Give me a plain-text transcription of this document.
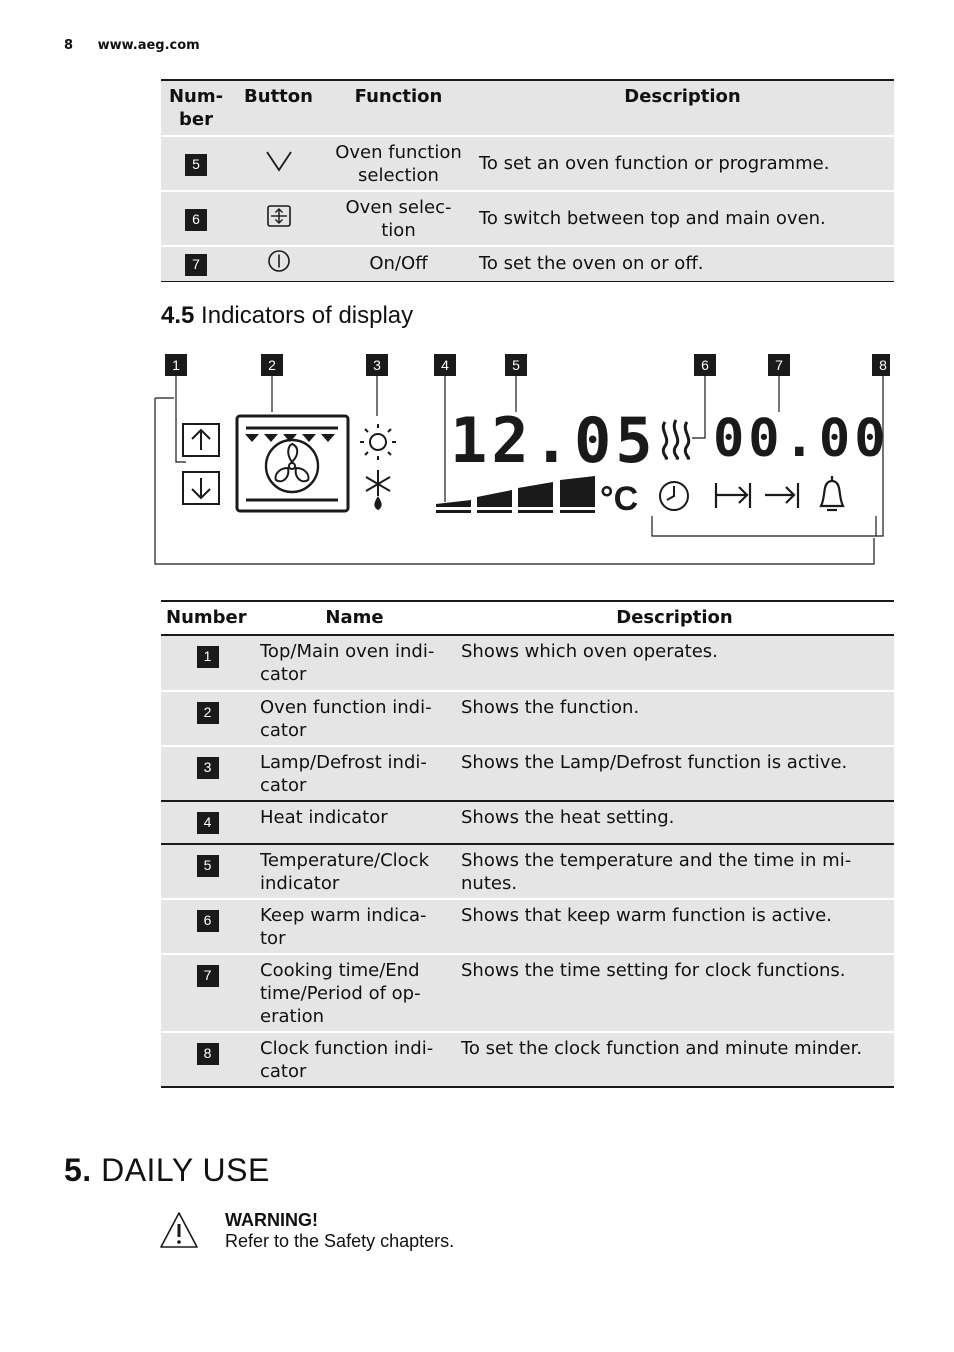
8 www.aeg.com
Num-
ber	Button	Function	Description
5		Oven function selection	To set an oven function or programme.
6		Oven selec-
tion	To switch between top and main oven.
7		On/Off	To set the oven on or off.
4.5 Indicators of display
1	2	3	4	5	6	7	8
12.05
°C
00.00
Number	Name	Description
1	Top/Main oven indi-
cator	Shows which oven operates.
2	Oven function indi-
cator	Shows the function.
3	Lamp/Defrost indi-
cator	Shows the Lamp/Defrost function is active.
4	Heat indicator	Shows the heat setting.
5	Temperature/Clock
indicator	Shows the temperature and the time in mi-
nutes.
6	Keep warm indica-
tor	Shows that keep warm function is active.
7	Cooking time/End
time/Period of op-
eration	Shows the time setting for clock functions.
8	Clock function indi-
cator	To set the clock function and minute minder.
5. DAILY USE
WARNING!
Refer to the Safety chapters.
